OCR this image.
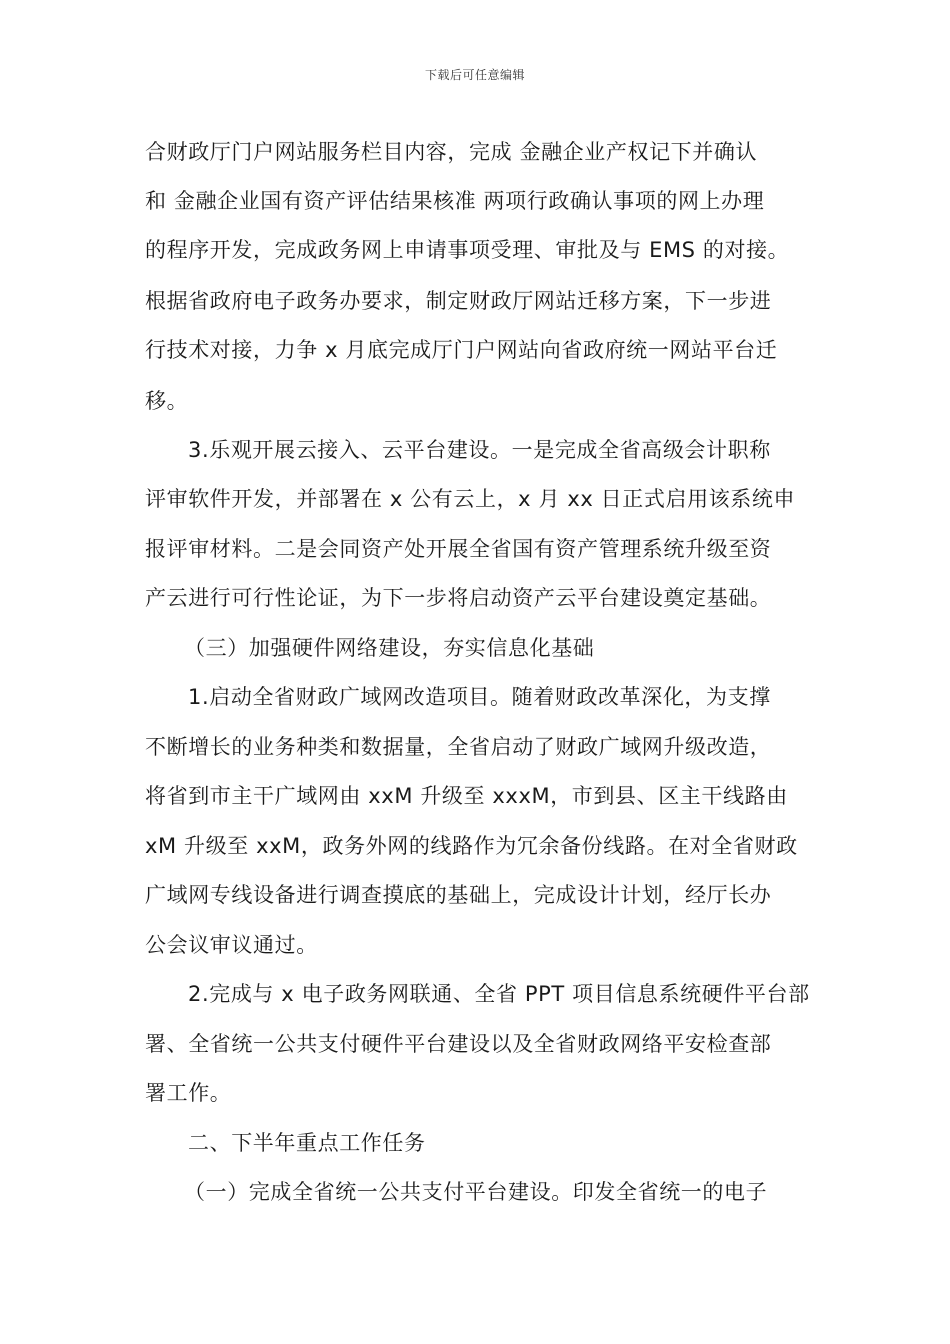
下载后可任意编辑
合财政厅门户网站服务栏目内容，完成 金融企业产权记下并确认
和 金融企业国有资产评估结果核准 两项行政确认事项的网上办理
的程序开发，完成政务网上申请事项受理、审批及与 EMS 的对接。
根据省政府电子政务办要求，制定财政厅网站迁移方案，下一步进
行技术对接，力争 x 月底完成厅门户网站向省政府统一网站平台迁
移。
3.乐观开展云接入、云平台建设。一是完成全省高级会计职称
评审软件开发，并部署在 x 公有云上，x 月 xx 日正式启用该系统申
报评审材料。二是会同资产处开展全省国有资产管理系统升级至资
产云进行可行性论证，为下一步将启动资产云平台建设奠定基础。
（三）加强硬件网络建设，夯实信息化基础
1.启动全省财政广域网改造项目。随着财政改革深化，为支撑
不断增长的业务种类和数据量，全省启动了财政广域网升级改造，
将省到市主干广域网由 xxM 升级至 xxxM，市到县、区主干线路由
xM 升级至 xxM，政务外网的线路作为冗余备份线路。在对全省财政
广域网专线设备进行调查摸底的基础上，完成设计计划，经厅长办
公会议审议通过。
2.完成与 x 电子政务网联通、全省 PPT 项目信息系统硬件平台部
署、全省统一公共支付硬件平台建设以及全省财政网络平安检查部
署工作。
二、下半年重点工作任务
（一）完成全省统一公共支付平台建设。印发全省统一的电子
